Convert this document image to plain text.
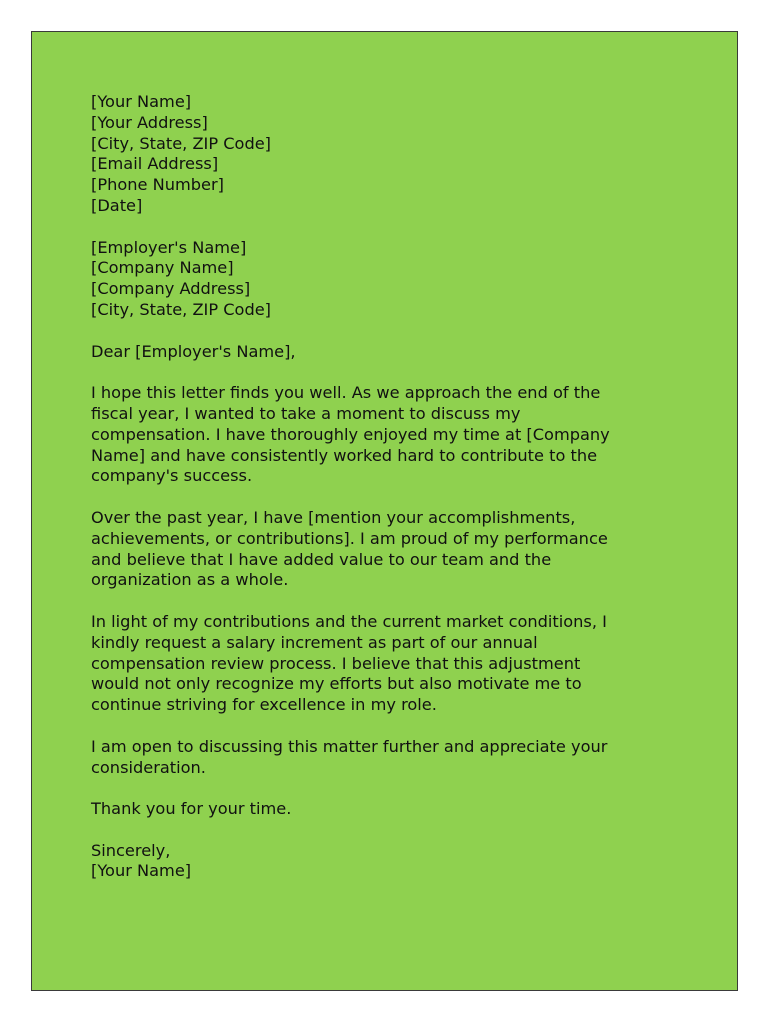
[Your Name]
[Your Address]
[City, State, ZIP Code]
[Email Address]
[Phone Number]
[Date]
[Employer's Name]
[Company Name]
[Company Address]
[City, State, ZIP Code]
Dear [Employer's Name],
I hope this letter finds you well. As we approach the end of the
fiscal year, I wanted to take a moment to discuss my
compensation. I have thoroughly enjoyed my time at [Company
Name] and have consistently worked hard to contribute to the
company's success.
Over the past year, I have [mention your accomplishments,
achievements, or contributions]. I am proud of my performance
and believe that I have added value to our team and the
organization as a whole.
In light of my contributions and the current market conditions, I
kindly request a salary increment as part of our annual
compensation review process. I believe that this adjustment
would not only recognize my efforts but also motivate me to
continue striving for excellence in my role.
I am open to discussing this matter further and appreciate your
consideration.
Thank you for your time.
Sincerely,
[Your Name]
